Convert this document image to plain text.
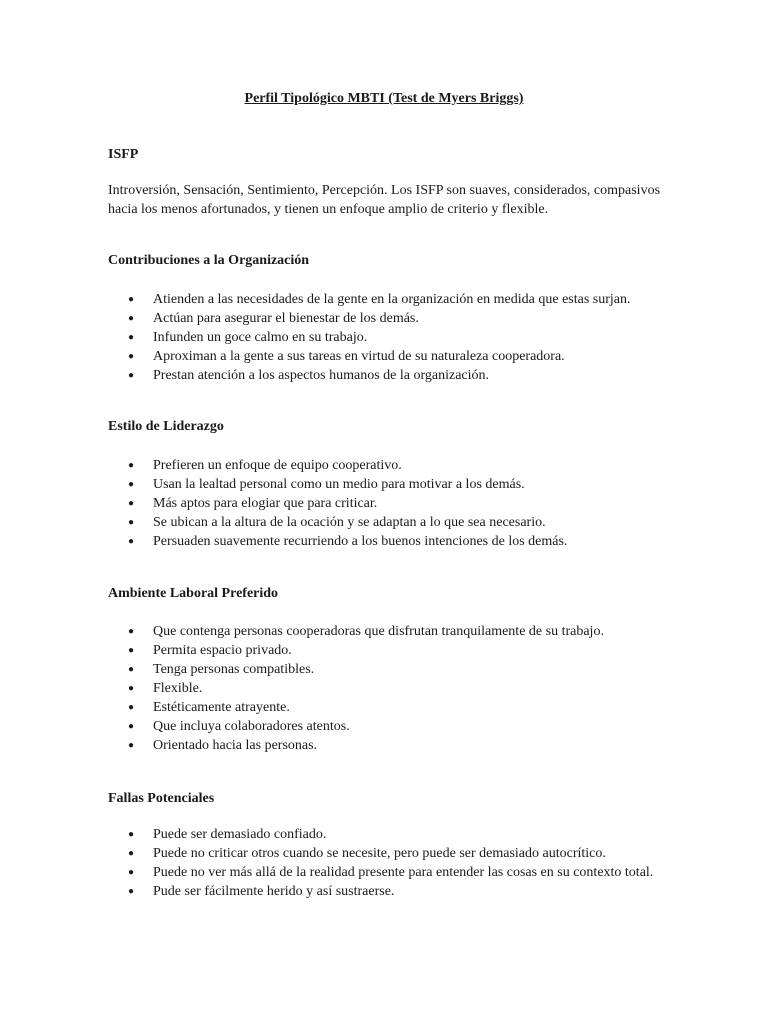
Perfil Tipológico MBTI (Test de Myers Briggs)
ISFP

Introversión, Sensación, Sentimiento, Percepción. Los ISFP son suaves, considerados, compasivos hacia los menos afortunados, y tienen un enfoque amplio de criterio y flexible.

Contribuciones a la Organización
● Atienden a las necesidades de la gente en la organización en medida que estas surjan.
● Actúan para asegurar el bienestar de los demás.
● Infunden un goce calmo en su trabajo.
● Aproximan a la gente a sus tareas en virtud de su naturaleza cooperadora.
● Prestan atención a los aspectos humanos de la organización.
Estilo de Liderazgo
● Prefieren un enfoque de equipo cooperativo.
● Usan la lealtad personal como un medio para motivar a los demás.
● Más aptos para elogiar que para criticar.
● Se ubican a la altura de la ocación y se adaptan a lo que sea necesario.
● Persuaden suavemente recurriendo a los buenos intenciones de los demás.
Ambiente Laboral Preferido
● Que contenga personas cooperadoras que disfrutan tranquilamente de su trabajo.
● Permita espacio privado.
● Tenga personas compatibles.
● Flexible.
● Estéticamente atrayente.
● Que incluya colaboradores atentos.
● Orientado hacia las personas.
Fallas Potenciales
● Puede ser demasiado confiado.
● Puede no criticar otros cuando se necesite, pero puede ser demasiado autocrítico.
● Puede no ver más allá de la realidad presente para entender las cosas en su contexto total.
● Pude ser fácilmente herido y así sustraerse.
